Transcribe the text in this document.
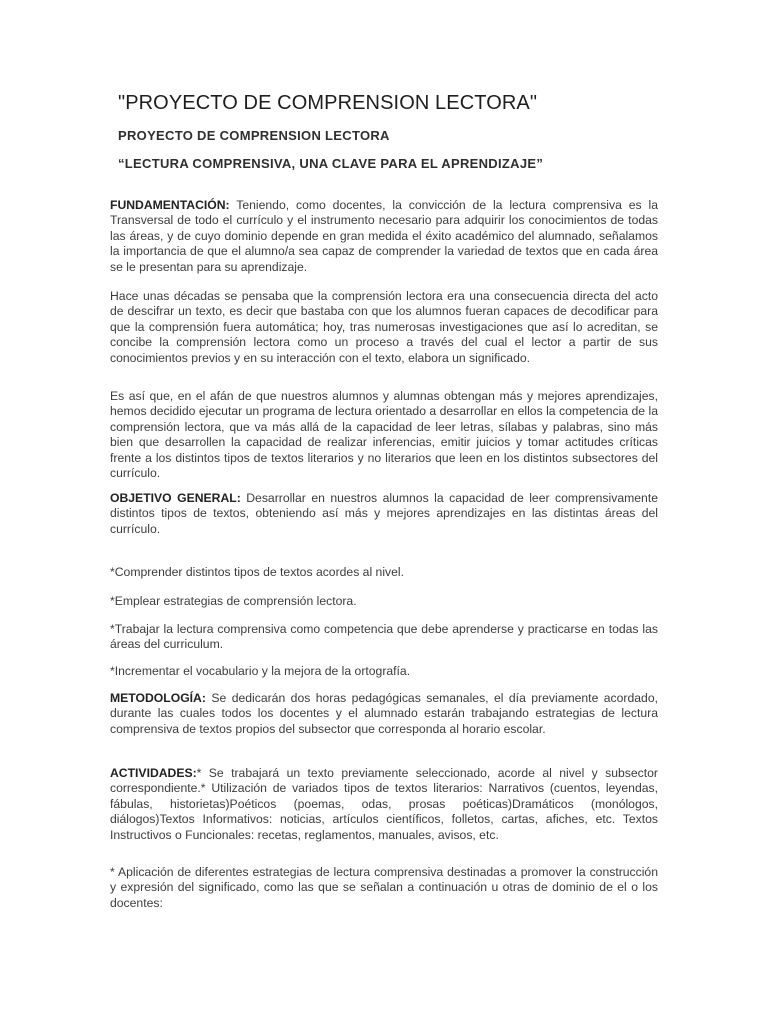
"PROYECTO DE COMPRENSION LECTORA"

PROYECTO DE COMPRENSION LECTORA

“LECTURA COMPRENSIVA, UNA CLAVE PARA EL APRENDIZAJE”

FUNDAMENTACIÓN: Teniendo, como docentes, la convicción de la lectura comprensiva es la Transversal de todo el currículo y el instrumento necesario para adquirir los conocimientos de todas las áreas, y de cuyo dominio depende en gran medida el éxito académico del alumnado, señalamos la importancia de que el alumno/a sea capaz de comprender la variedad de textos que en cada área se le presentan para su aprendizaje.

Hace unas décadas se pensaba que la comprensión lectora era una consecuencia directa del acto de descifrar un texto, es decir que bastaba con que los alumnos fueran capaces de decodificar para que la comprensión fuera automática; hoy, tras numerosas investigaciones que así lo acreditan, se concibe la comprensión lectora como un proceso a través del cual el lector a partir de sus conocimientos previos y en su interacción con el texto, elabora un significado.

Es así que, en el afán de que nuestros alumnos y alumnas obtengan más y mejores aprendizajes, hemos decidido ejecutar un programa de lectura orientado a desarrollar en ellos la competencia de la comprensión lectora, que va más allá de la capacidad de leer letras, sílabas y palabras, sino más bien que desarrollen la capacidad de realizar inferencias, emitir juicios y tomar actitudes críticas frente a los distintos tipos de textos literarios y no literarios que leen en los distintos subsectores del currículo.

OBJETIVO GENERAL: Desarrollar en nuestros alumnos la capacidad de leer comprensivamente distintos tipos de textos, obteniendo así más y mejores aprendizajes en las distintas áreas del currículo.

*Comprender distintos tipos de textos acordes al nivel.

*Emplear estrategias de comprensión lectora.

*Trabajar la lectura comprensiva como competencia que debe aprenderse y practicarse en todas las áreas del curriculum.

*Incrementar el vocabulario y la mejora de la ortografía.

METODOLOGÍA: Se dedicarán dos horas pedagógicas semanales, el día previamente acordado, durante las cuales todos los docentes y el alumnado estarán trabajando estrategias de lectura comprensiva de textos propios del subsector que corresponda al horario escolar.

ACTIVIDADES:* Se trabajará un texto previamente seleccionado, acorde al nivel y subsector correspondiente.* Utilización de variados tipos de textos literarios: Narrativos (cuentos, leyendas, fábulas, historietas)Poéticos (poemas, odas, prosas poéticas)Dramáticos (monólogos, diálogos)Textos Informativos: noticias, artículos científicos, folletos, cartas, afiches, etc. Textos Instructivos o Funcionales: recetas, reglamentos, manuales, avisos, etc.

* Aplicación de diferentes estrategias de lectura comprensiva destinadas a promover la construcción y expresión del significado, como las que se señalan a continuación u otras de dominio de el o los docentes:
